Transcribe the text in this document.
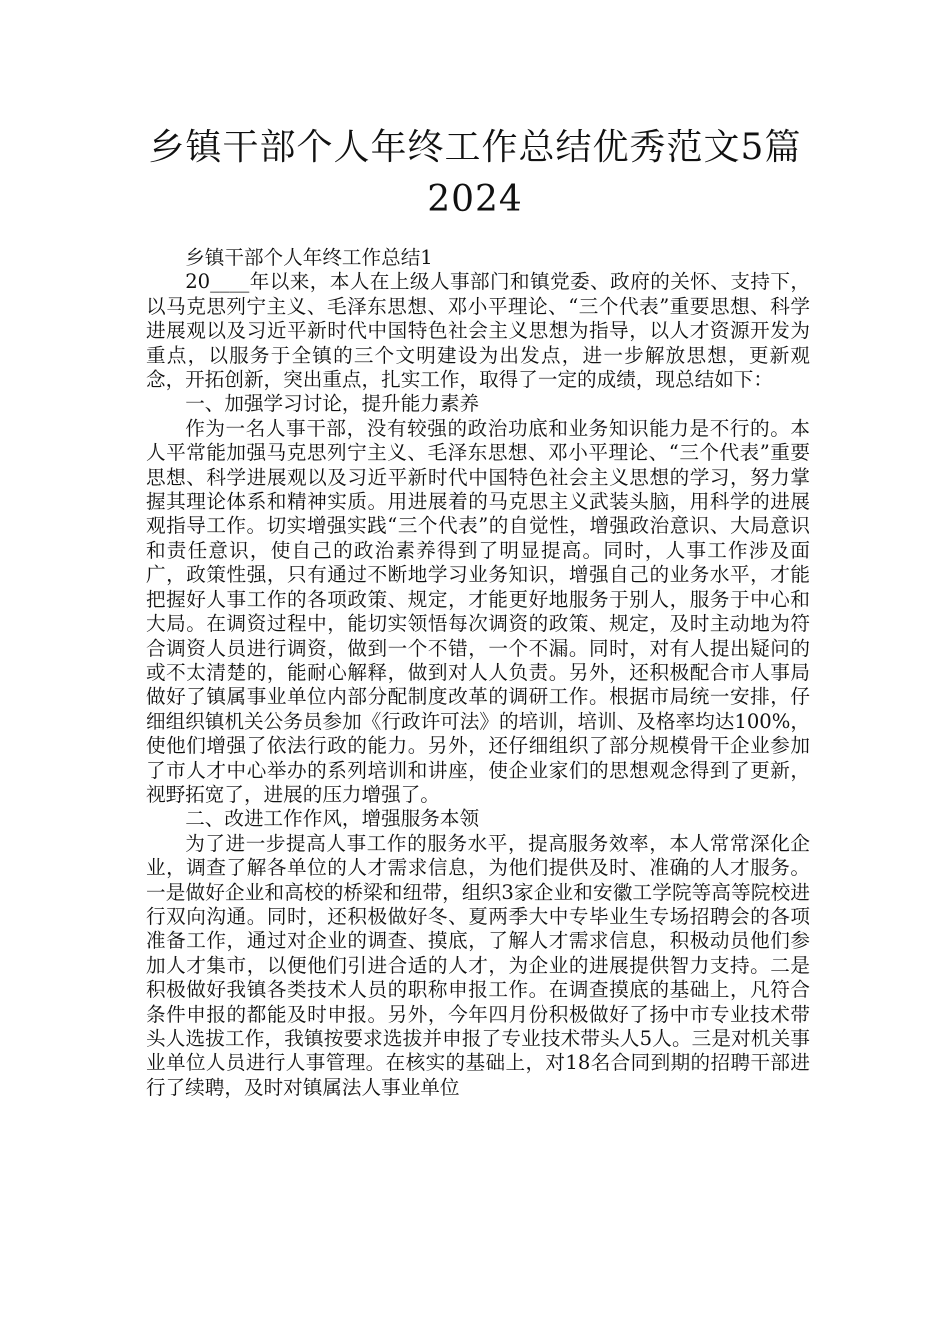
乡镇干部个人年终工作总结优秀范文5篇
2024

乡镇干部个人年终工作总结1

20____年以来，本人在上级人事部门和镇党委、政府的关怀、支持下，以马克思列宁主义、毛泽东思想、邓小平理论、“三个代表”重要思想、科学进展观以及习近平新时代中国特色社会主义思想为指导，以人才资源开发为重点，以服务于全镇的三个文明建设为出发点，进一步解放思想，更新观念，开拓创新，突出重点，扎实工作，取得了一定的成绩，现总结如下：

一、加强学习讨论，提升能力素养

作为一名人事干部，没有较强的政治功底和业务知识能力是不行的。本人平常能加强马克思列宁主义、毛泽东思想、邓小平理论、“三个代表”重要思想、科学进展观以及习近平新时代中国特色社会主义思想的学习，努力掌握其理论体系和精神实质。用进展着的马克思主义武装头脑，用科学的进展观指导工作。切实增强实践“三个代表”的自觉性，增强政治意识、大局意识和责任意识，使自己的政治素养得到了明显提高。同时，人事工作涉及面广，政策性强，只有通过不断地学习业务知识，增强自己的业务水平，才能把握好人事工作的各项政策、规定，才能更好地服务于别人，服务于中心和大局。在调资过程中，能切实领悟每次调资的政策、规定，及时主动地为符合调资人员进行调资，做到一个不错，一个不漏。同时，对有人提出疑问的或不太清楚的，能耐心解释，做到对人人负责。另外，还积极配合市人事局做好了镇属事业单位内部分配制度改革的调研工作。根据市局统一安排，仔细组织镇机关公务员参加《行政许可法》的培训，培训、及格率均达100%，使他们增强了依法行政的能力。另外，还仔细组织了部分规模骨干企业参加了市人才中心举办的系列培训和讲座，使企业家们的思想观念得到了更新，视野拓宽了，进展的压力增强了。

二、改进工作作风，增强服务本领

为了进一步提高人事工作的服务水平，提高服务效率，本人常常深化企业，调查了解各单位的人才需求信息，为他们提供及时、准确的人才服务。一是做好企业和高校的桥梁和纽带，组织3家企业和安徽工学院等高等院校进行双向沟通。同时，还积极做好冬、夏两季大中专毕业生专场招聘会的各项准备工作，通过对企业的调查、摸底，了解人才需求信息，积极动员他们参加人才集市，以便他们引进合适的人才，为企业的进展提供智力支持。二是积极做好我镇各类技术人员的职称申报工作。在调查摸底的基础上，凡符合条件申报的都能及时申报。另外，今年四月份积极做好了扬中市专业技术带头人选拔工作，我镇按要求选拔并申报了专业技术带头人5人。三是对机关事业单位人员进行人事管理。在核实的基础上，对18名合同到期的招聘干部进行了续聘，及时对镇属法人事业单位
